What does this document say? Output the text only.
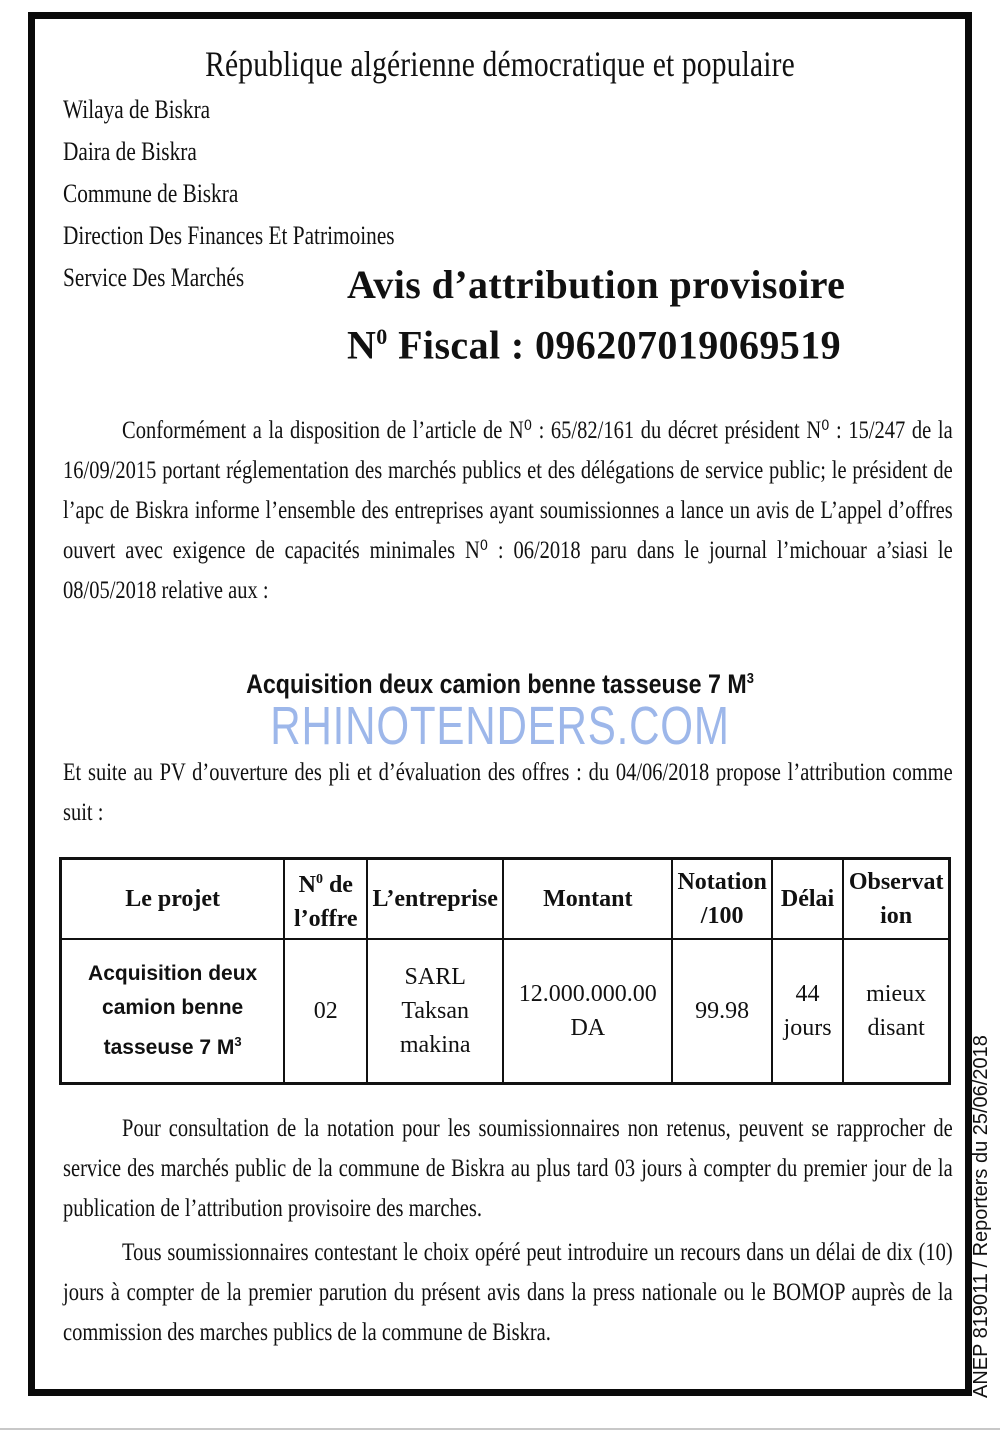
République algérienne démocratique et populaire
Wilaya de Biskra
Daira de Biskra
Commune de Biskra
Direction Des Finances Et Patrimoines
Service Des Marchés	Avis d’attribution provisoire
$N^0$ Fiscal : 096207019069519
Conformément a la disposition de l’article de N⁰ : 65/82/161 du décret président N⁰ : 15/247 de la 16/09/2015 portant réglementation des marchés publics et des délégations de service public; le président de l’apc de Biskra informe l’ensemble des entreprises ayant soumissionnes a lance un avis de L’appel d’offres ouvert avec exigence de capacités minimales N⁰ : 06/2018 paru dans le journal l’michouar a’siasi le 08/05/2018 relative aux :
Acquisition deux camion benne tasseuse 7 $M^3$
RHINOTENDERS.COM
Et suite au PV d’ouverture des pli et d’évaluation des offres : du 04/06/2018 propose l’attribution comme suit :
Le projet	$N^0$ de l’offre	L’entreprise	Montant	Notation /100	Délai	Observat ion
Acquisition deux camion benne tasseuse 7 $M^3$	02	SARL Taksan makina	12.000.000.00 DA	99.98	44 jours	mieux disant
Pour consultation de la notation pour les soumissionnaires non retenus, peuvent se rapprocher de service des marchés public de la commune de Biskra au plus tard 03 jours à compter du premier jour de la publication de l’attribution provisoire des marches.
Tous soumissionnaires contestant le choix opéré peut introduire un recours dans un délai de dix (10) jours à compter de la premier parution du présent avis dans la press nationale ou le BOMOP auprès de la commission des marches publics de la commune de Biskra.	ANEP 819011 / Reporters du 25/06/2018
